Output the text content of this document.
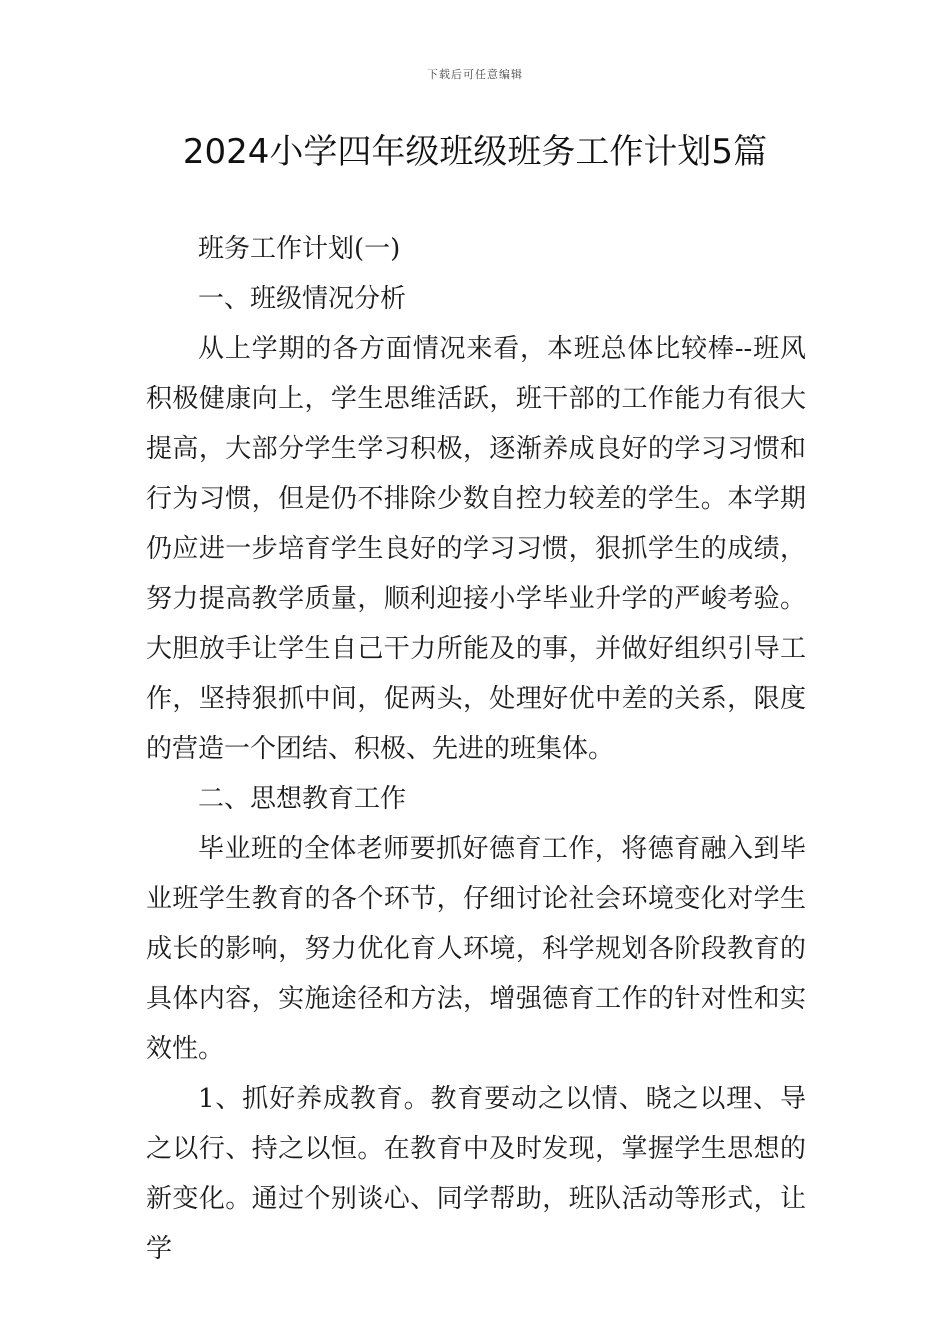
下载后可任意编辑
2024小学四年级班级班务工作计划5篇

班务工作计划(一)

一、班级情况分析

从上学期的各方面情况来看，本班总体比较棒--班风积极健康向上，学生思维活跃，班干部的工作能力有很大提高，大部分学生学习积极，逐渐养成良好的学习习惯和行为习惯，但是仍不排除少数自控力较差的学生。本学期仍应进一步培育学生良好的学习习惯，狠抓学生的成绩，努力提高教学质量，顺利迎接小学毕业升学的严峻考验。大胆放手让学生自己干力所能及的事，并做好组织引导工作，坚持狠抓中间，促两头，处理好优中差的关系，限度的营造一个团结、积极、先进的班集体。

二、思想教育工作

毕业班的全体老师要抓好德育工作，将德育融入到毕业班学生教育的各个环节，仔细讨论社会环境变化对学生成长的影响，努力优化育人环境，科学规划各阶段教育的具体内容，实施途径和方法，增强德育工作的针对性和实效性。

1、抓好养成教育。教育要动之以情、晓之以理、导之以行、持之以恒。在教育中及时发现，掌握学生思想的新变化。通过个别谈心、同学帮助，班队活动等形式，让学
